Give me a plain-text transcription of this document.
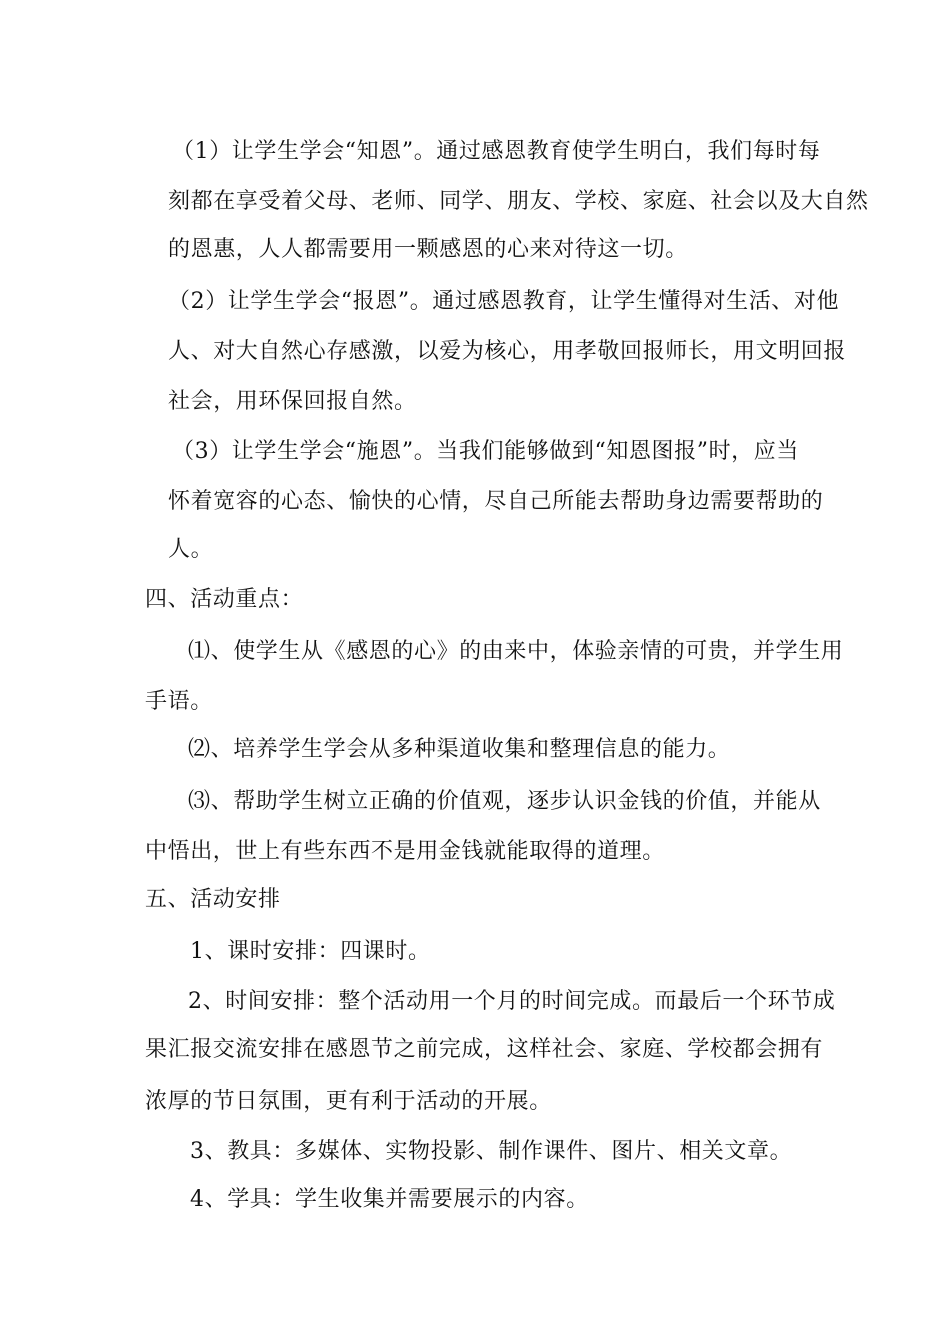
（1）让学生学会“知恩”。通过感恩教育使学生明白，我们每时每
刻都在享受着父母、老师、同学、朋友、学校、家庭、社会以及大自然
的恩惠，人人都需要用一颗感恩的心来对待这一切。
（2）让学生学会“报恩”。通过感恩教育，让学生懂得对生活、对他
人、对大自然心存感激，以爱为核心，用孝敬回报师长，用文明回报
社会，用环保回报自然。
（3）让学生学会“施恩”。当我们能够做到“知恩图报”时，应当
怀着宽容的心态、愉快的心情，尽自己所能去帮助身边需要帮助的
人。
四、活动重点：
⑴、使学生从《感恩的心》的由来中，体验亲情的可贵，并学生用
手语。
⑵、培养学生学会从多种渠道收集和整理信息的能力。
⑶、帮助学生树立正确的价值观，逐步认识金钱的价值，并能从
中悟出，世上有些东西不是用金钱就能取得的道理。
五、活动安排
1、课时安排：四课时。
2、时间安排：整个活动用一个月的时间完成。而最后一个环节成
果汇报交流安排在感恩节之前完成，这样社会、家庭、学校都会拥有
浓厚的节日氛围，更有利于活动的开展。
3、教具：多媒体、实物投影、制作课件、图片、相关文章。
4、学具：学生收集并需要展示的内容。
